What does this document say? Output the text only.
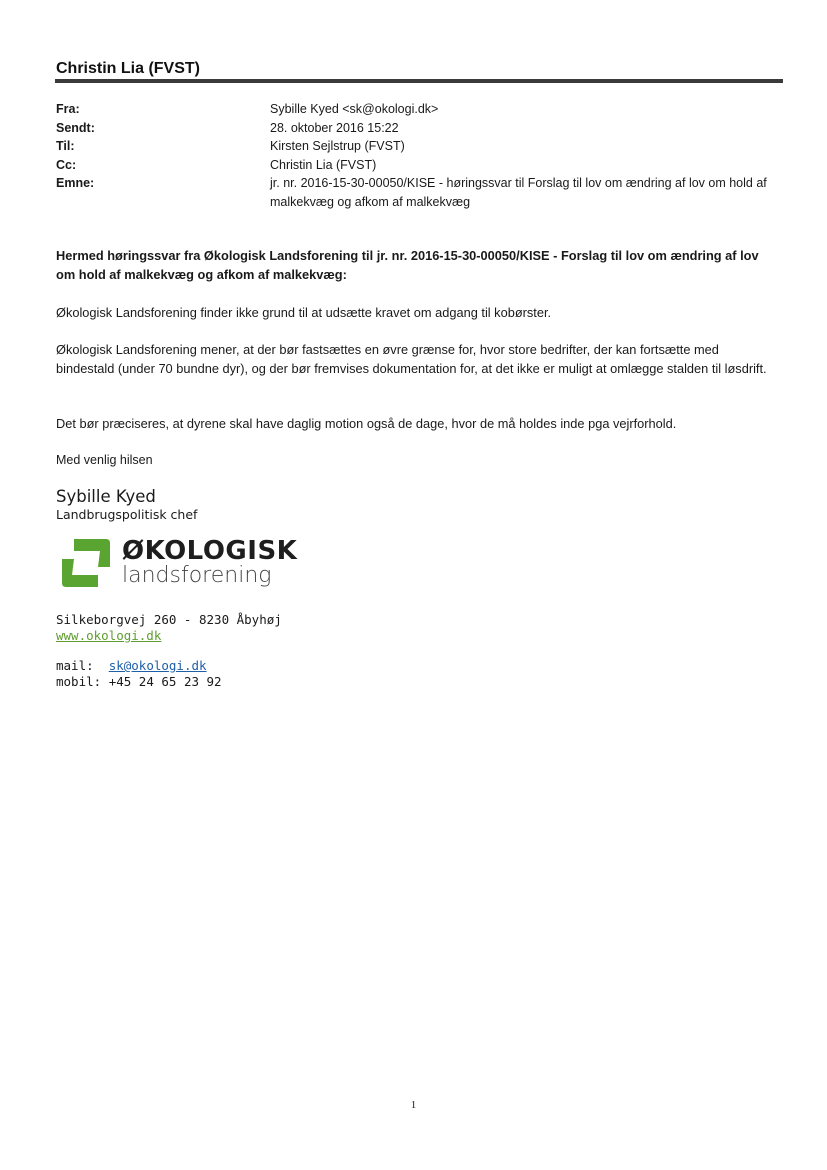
Christin Lia (FVST)
Fra:	Sybille Kyed <sk@okologi.dk>
Sendt:	28. oktober 2016 15:22
Til:	Kirsten Sejlstrup (FVST)
Cc:	Christin Lia (FVST)
Emne:	jr. nr. 2016-15-30-00050/KISE - høringssvar til Forslag til lov om ændring af lov om hold af malkekvæg og afkom af malkekvæg
Hermed høringssvar fra Økologisk Landsforening til jr. nr. 2016-15-30-00050/KISE - Forslag til lov om ændring af lov om hold af malkekvæg og afkom af malkekvæg:
Økologisk Landsforening finder ikke grund til at udsætte kravet om adgang til kobørster.
Økologisk Landsforening mener, at der bør fastsættes en øvre grænse for, hvor store bedrifter, der kan fortsætte med bindestald (under 70 bundne dyr), og der bør fremvises dokumentation for, at det ikke er muligt at omlægge stalden til løsdrift.
Det bør præciseres, at dyrene skal have daglig motion også de dage, hvor de må holdes inde pga vejrforhold.
Med venlig hilsen
Sybille Kyed
Landbrugspolitisk chef
ØKOLOGISK
landsforening
Silkeborgvej 260 - 8230 Åbyhøj
www.okologi.dk
mail: sk@okologi.dk
mobil: +45 24 65 23 92
1
